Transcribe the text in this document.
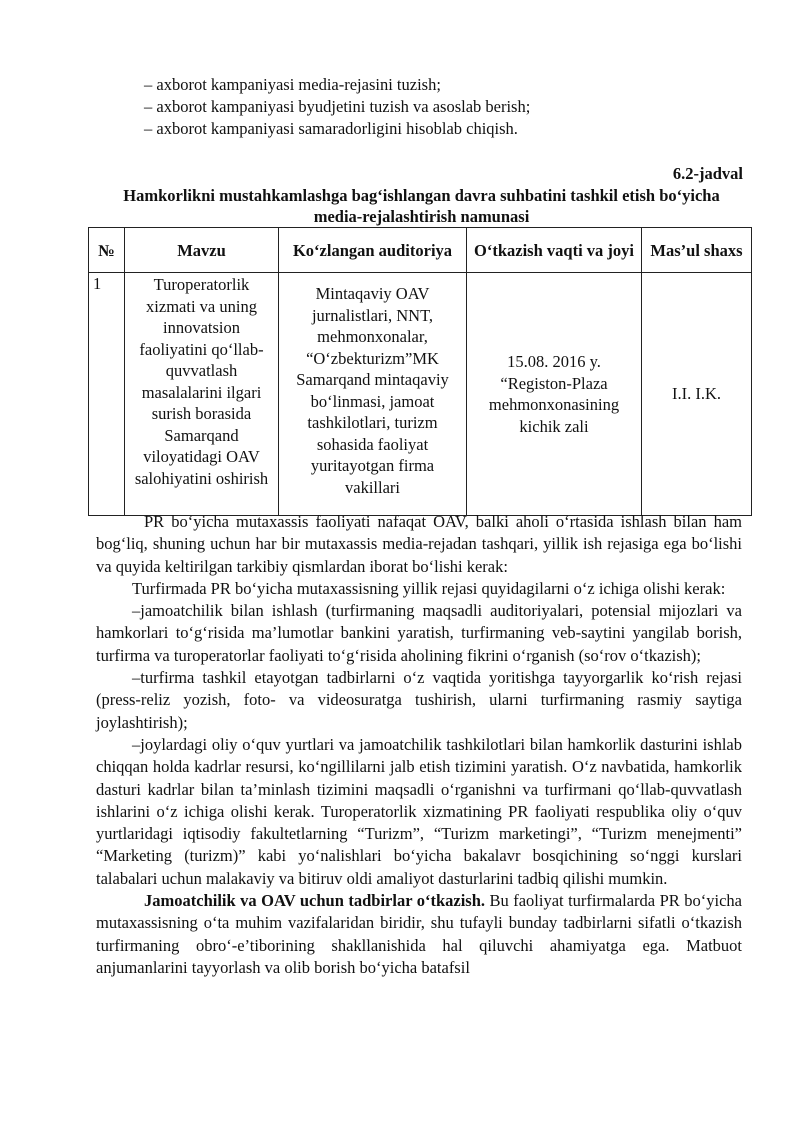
– axborot kampaniyasi media-rejasini tuzish;
– axborot kampaniyasi byudjetini tuzish va asoslab berish;
– axborot kampaniyasi samaradorligini hisoblab chiqish.
6.2-jadval
Hamkorlikni mustahkamlashga bag‘ishlangan davra suhbatini tashkil etish bo‘yicha media-rejalashtirish namunasi
№	Mavzu	Ko‘zlangan auditoriya	O‘tkazish vaqti va joyi	Mas’ul shaxs
1	Turoperatorlik xizmati va uning innovatsion faoliyatini qo‘llab-quvvatlash masalalarini ilgari surish borasida Samarqand viloyatidagi OAV salohiyatini oshirish	Mintaqaviy OAV jurnalistlari, NNT, mehmonxonalar, “O‘zbekturizm”MK Samarqand mintaqaviy bo‘linmasi, jamoat tashkilotlari, turizm sohasida faoliyat yuritayotgan firma vakillari	15.08. 2016 y. “Registon-Plaza mehmonxonasining kichik zali	I.I. I.K.

PR bo‘yicha mutaxassis faoliyati nafaqat OAV, balki aholi o‘rtasida ishlash bilan ham bog‘liq, shuning uchun har bir mutaxassis media-rejadan tashqari, yillik ish rejasiga ega bo‘lishi va quyida keltirilgan tarkibiy qismlardan iborat bo‘lishi kerak:

Turfirmada PR bo‘yicha mutaxassisning yillik rejasi quyidagilarni o‘z ichiga olishi kerak:

–jamoatchilik bilan ishlash (turfirmaning maqsadli auditoriyalari, potensial mijozlari va hamkorlari to‘g‘risida ma’lumotlar bankini yaratish, turfirmaning veb-saytini yangilab borish, turfirma va turoperatorlar faoliyati to‘g‘risida aholining fikrini o‘rganish (so‘rov o‘tkazish);

–turfirma tashkil etayotgan tadbirlarni o‘z vaqtida yoritishga tayyorgarlik ko‘rish rejasi (press-reliz yozish, foto- va videosuratga tushirish, ularni turfirmaning rasmiy saytiga joylashtirish);

–joylardagi oliy o‘quv yurtlari va jamoatchilik tashkilotlari bilan hamkorlik dasturini ishlab chiqqan holda kadrlar resursi, ko‘ngillilarni jalb etish tizimini yaratish. O‘z navbatida, hamkorlik dasturi kadrlar bilan ta’minlash tizimini maqsadli o‘rganishni va turfirmani qo‘llab-quvvatlash ishlarini o‘z ichiga olishi kerak. Turoperatorlik xizmatining PR faoliyati respublika oliy o‘quv yurtlaridagi iqtisodiy fakultetlarning “Turizm”, “Turizm marketingi”, “Turizm menejmenti” “Marketing (turizm)” kabi yo‘nalishlari bo‘yicha bakalavr bosqichining so‘nggi kurslari talabalari uchun malakaviy va bitiruv oldi amaliyot dasturlarini tadbiq qilishi mumkin.

Jamoatchilik va OAV uchun tadbirlar o‘tkazish. Bu faoliyat turfirmalarda PR bo‘yicha mutaxassisning o‘ta muhim vazifalaridan biridir, shu tufayli bunday tadbirlarni sifatli o‘tkazish turfirmaning obro‘-e’tiborining shakllanishida hal qiluvchi ahamiyatga ega. Matbuot anjumanlarini tayyorlash va olib borish bo‘yicha batafsil
